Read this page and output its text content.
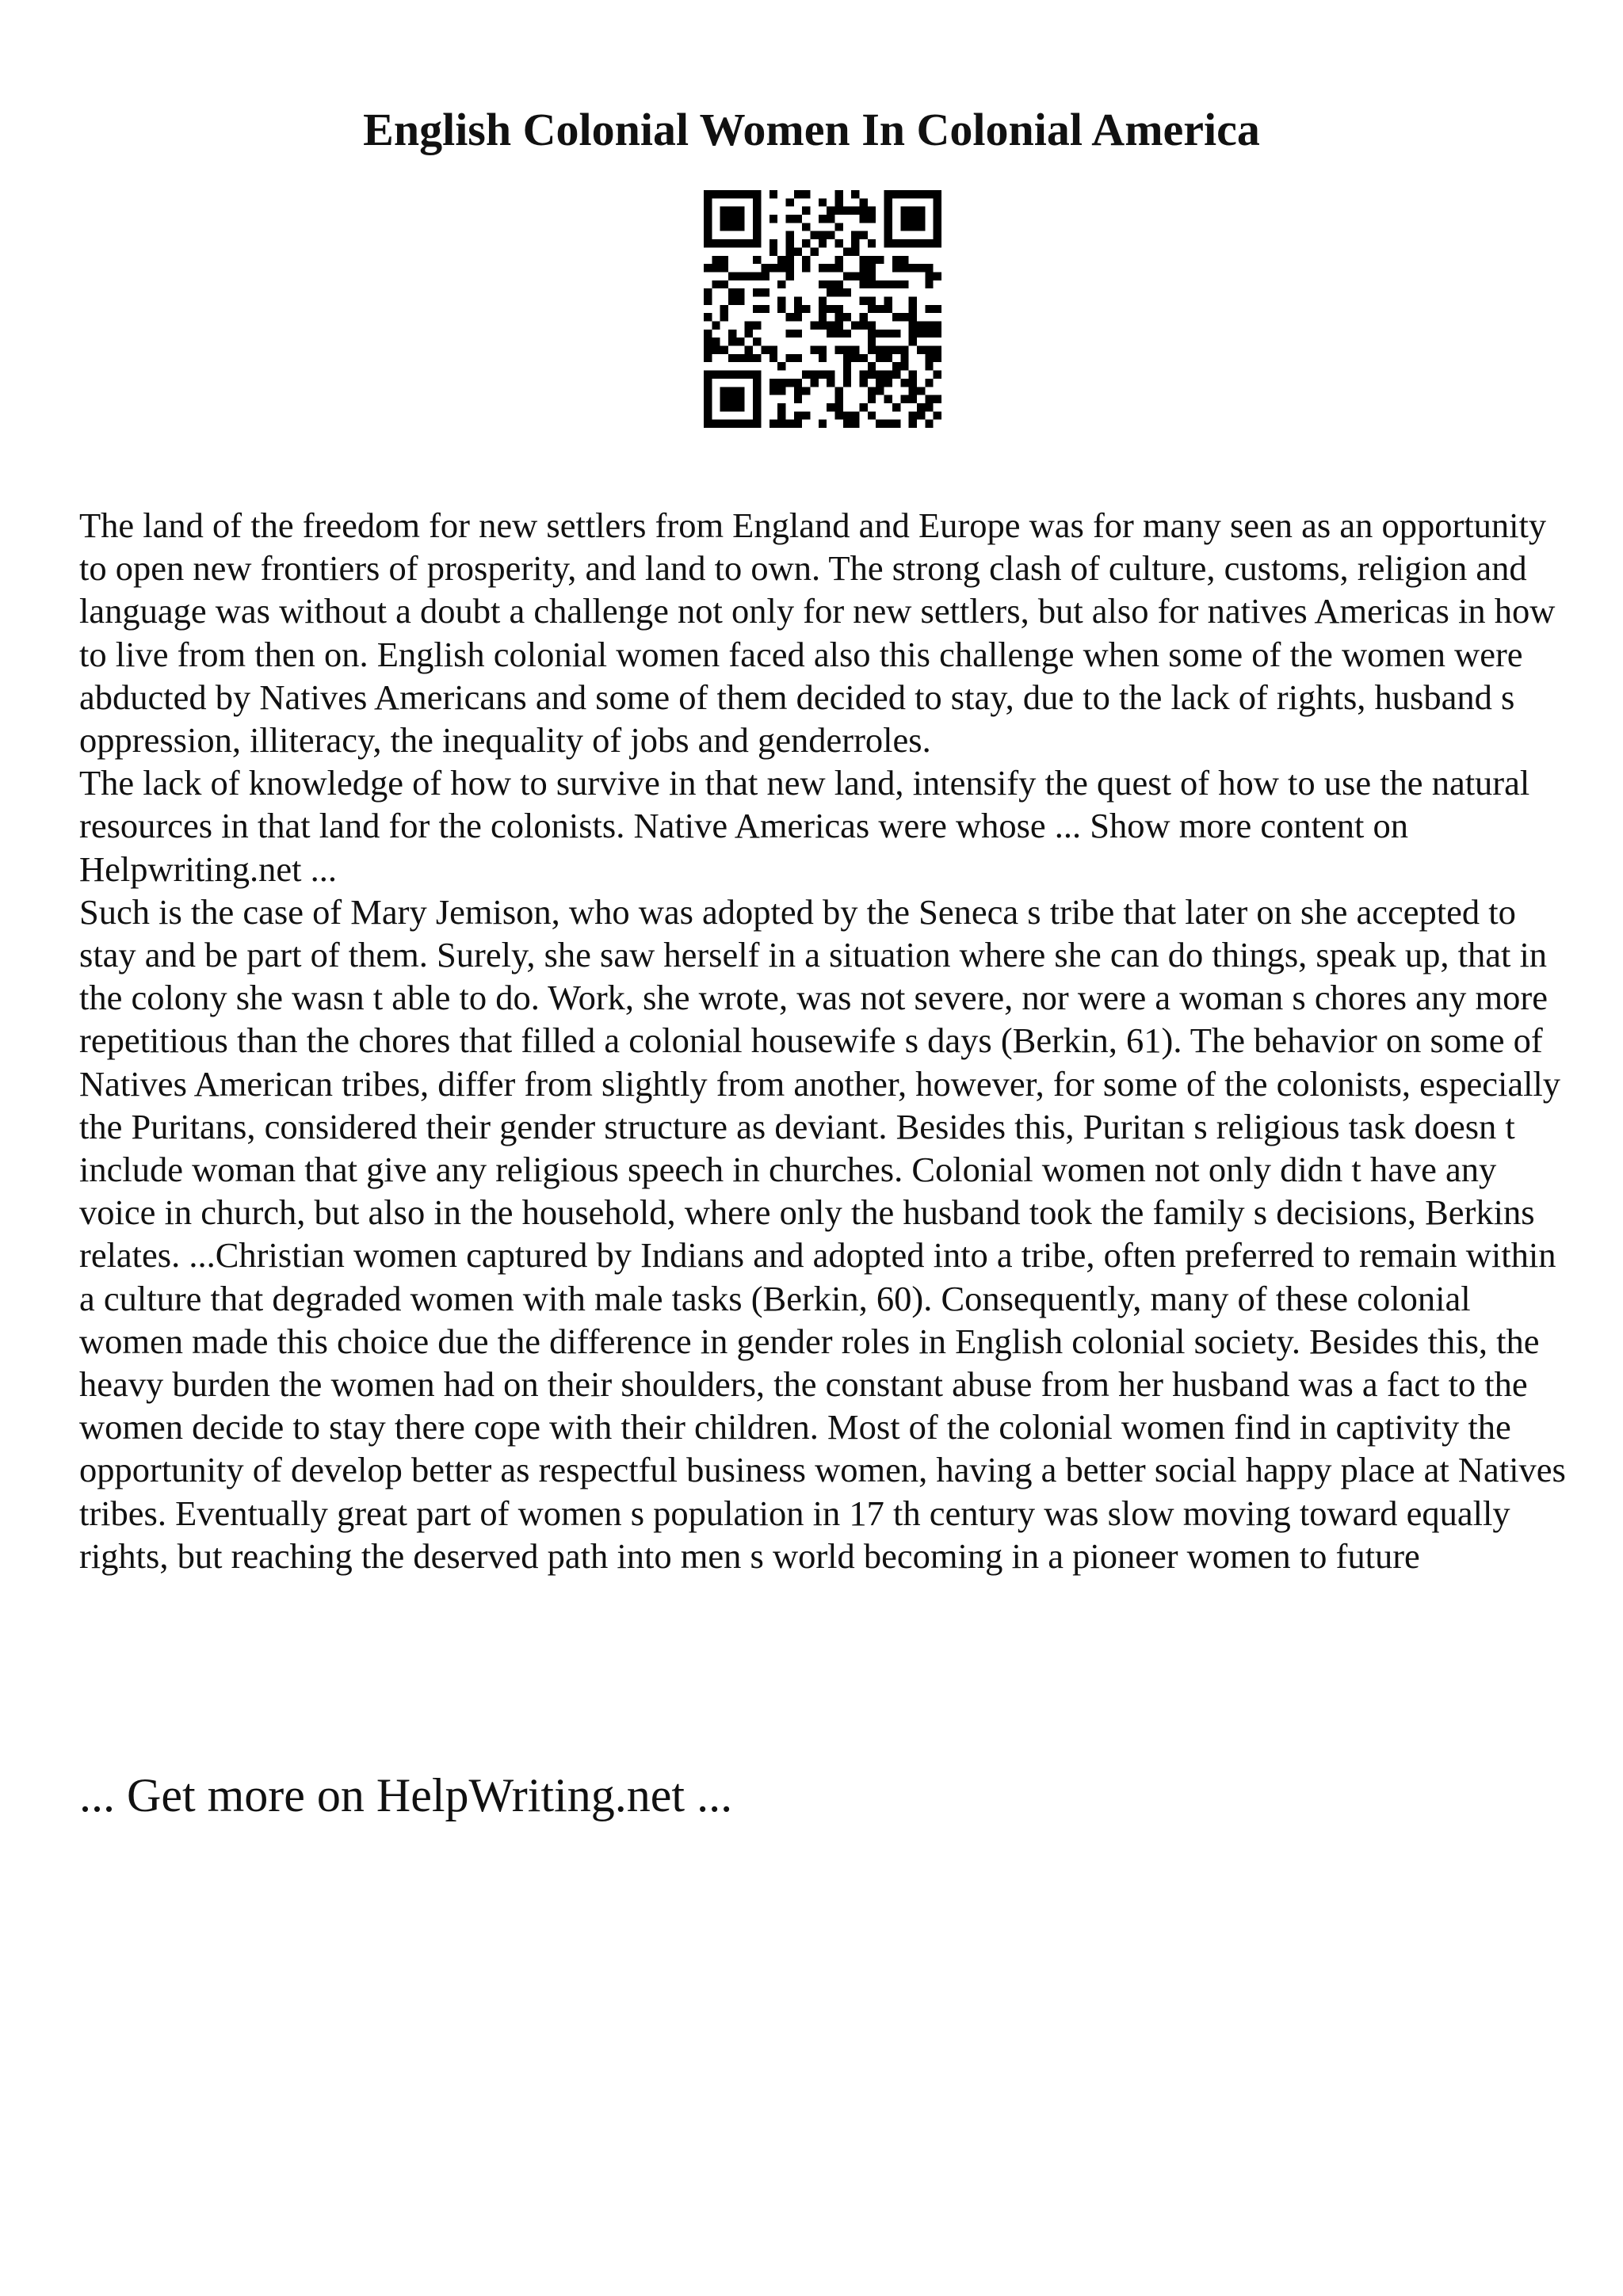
English Colonial Women In Colonial America

The land of the freedom for new settlers from England and Europe was for many seen as an opportunity to open new frontiers of prosperity, and land to own. The strong clash of culture, customs, religion and language was without a doubt a challenge not only for new settlers, but also for natives Americas in how to live from then on. English colonial women faced also this challenge when some of the women were abducted by Natives Americans and some of them decided to stay, due to the lack of rights, husband s oppression, illiteracy, the inequality of jobs and genderroles.

The lack of knowledge of how to survive in that new land, intensify the quest of how to use the natural resources in that land for the colonists. Native Americas were whose ... Show more content on Helpwriting.net ...

Such is the case of Mary Jemison, who was adopted by the Seneca s tribe that later on she accepted to stay and be part of them. Surely, she saw herself in a situation where she can do things, speak up, that in the colony she wasn t able to do. Work, she wrote, was not severe, nor were a woman s chores any more repetitious than the chores that filled a colonial housewife s days (Berkin, 61). The behavior on some of Natives American tribes, differ from slightly from another, however, for some of the colonists, especially the Puritans, considered their gender structure as deviant. Besides this, Puritan s religious task doesn t include woman that give any religious speech in churches. Colonial women not only didn t have any voice in church, but also in the household, where only the husband took the family s decisions, Berkins relates. ...Christian women captured by Indians and adopted into a tribe, often preferred to remain within a culture that degraded women with male tasks (Berkin, 60). Consequently, many of these colonial women made this choice due the difference in gender roles in English colonial society. Besides this, the heavy burden the women had on their shoulders, the constant abuse from her husband was a fact to the women decide to stay there cope with their children. Most of the colonial women find in captivity the opportunity of develop better as respectful business women, having a better social happy place at Natives tribes. Eventually great part of women s population in 17 th century was slow moving toward equally rights, but reaching the deserved path into men s world becoming in a pioneer women to future

... Get more on HelpWriting.net ...
